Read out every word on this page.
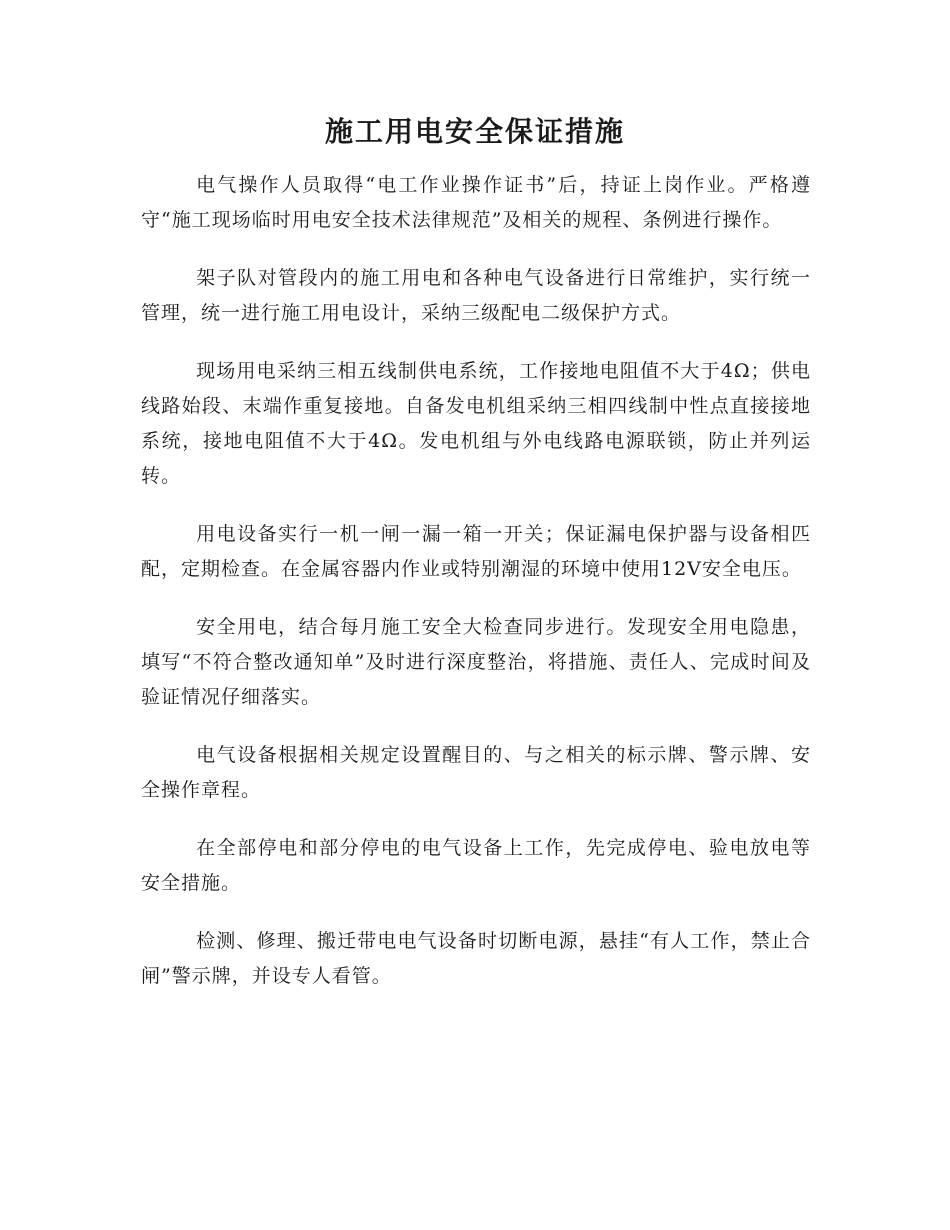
施工用电安全保证措施

电气操作人员取得“电工作业操作证书”后，持证上岗作业。严格遵守“施工现场临时用电安全技术法律规范”及相关的规程、条例进行操作。

架子队对管段内的施工用电和各种电气设备进行日常维护，实行统一管理，统一进行施工用电设计，采纳三级配电二级保护方式。

现场用电采纳三相五线制供电系统，工作接地电阻值不大于4Ω；供电线路始段、末端作重复接地。自备发电机组采纳三相四线制中性点直接接地系统，接地电阻值不大于4Ω。发电机组与外电线路电源联锁，防止并列运转。

用电设备实行一机一闸一漏一箱一开关；保证漏电保护器与设备相匹配，定期检查。在金属容器内作业或特别潮湿的环境中使用12V安全电压。

安全用电，结合每月施工安全大检查同步进行。发现安全用电隐患，填写“不符合整改通知单”及时进行深度整治，将措施、责任人、完成时间及验证情况仔细落实。

电气设备根据相关规定设置醒目的、与之相关的标示牌、警示牌、安全操作章程。

在全部停电和部分停电的电气设备上工作，先完成停电、验电放电等安全措施。

检测、修理、搬迁带电电气设备时切断电源，悬挂“有人工作，禁止合闸”警示牌，并设专人看管。
